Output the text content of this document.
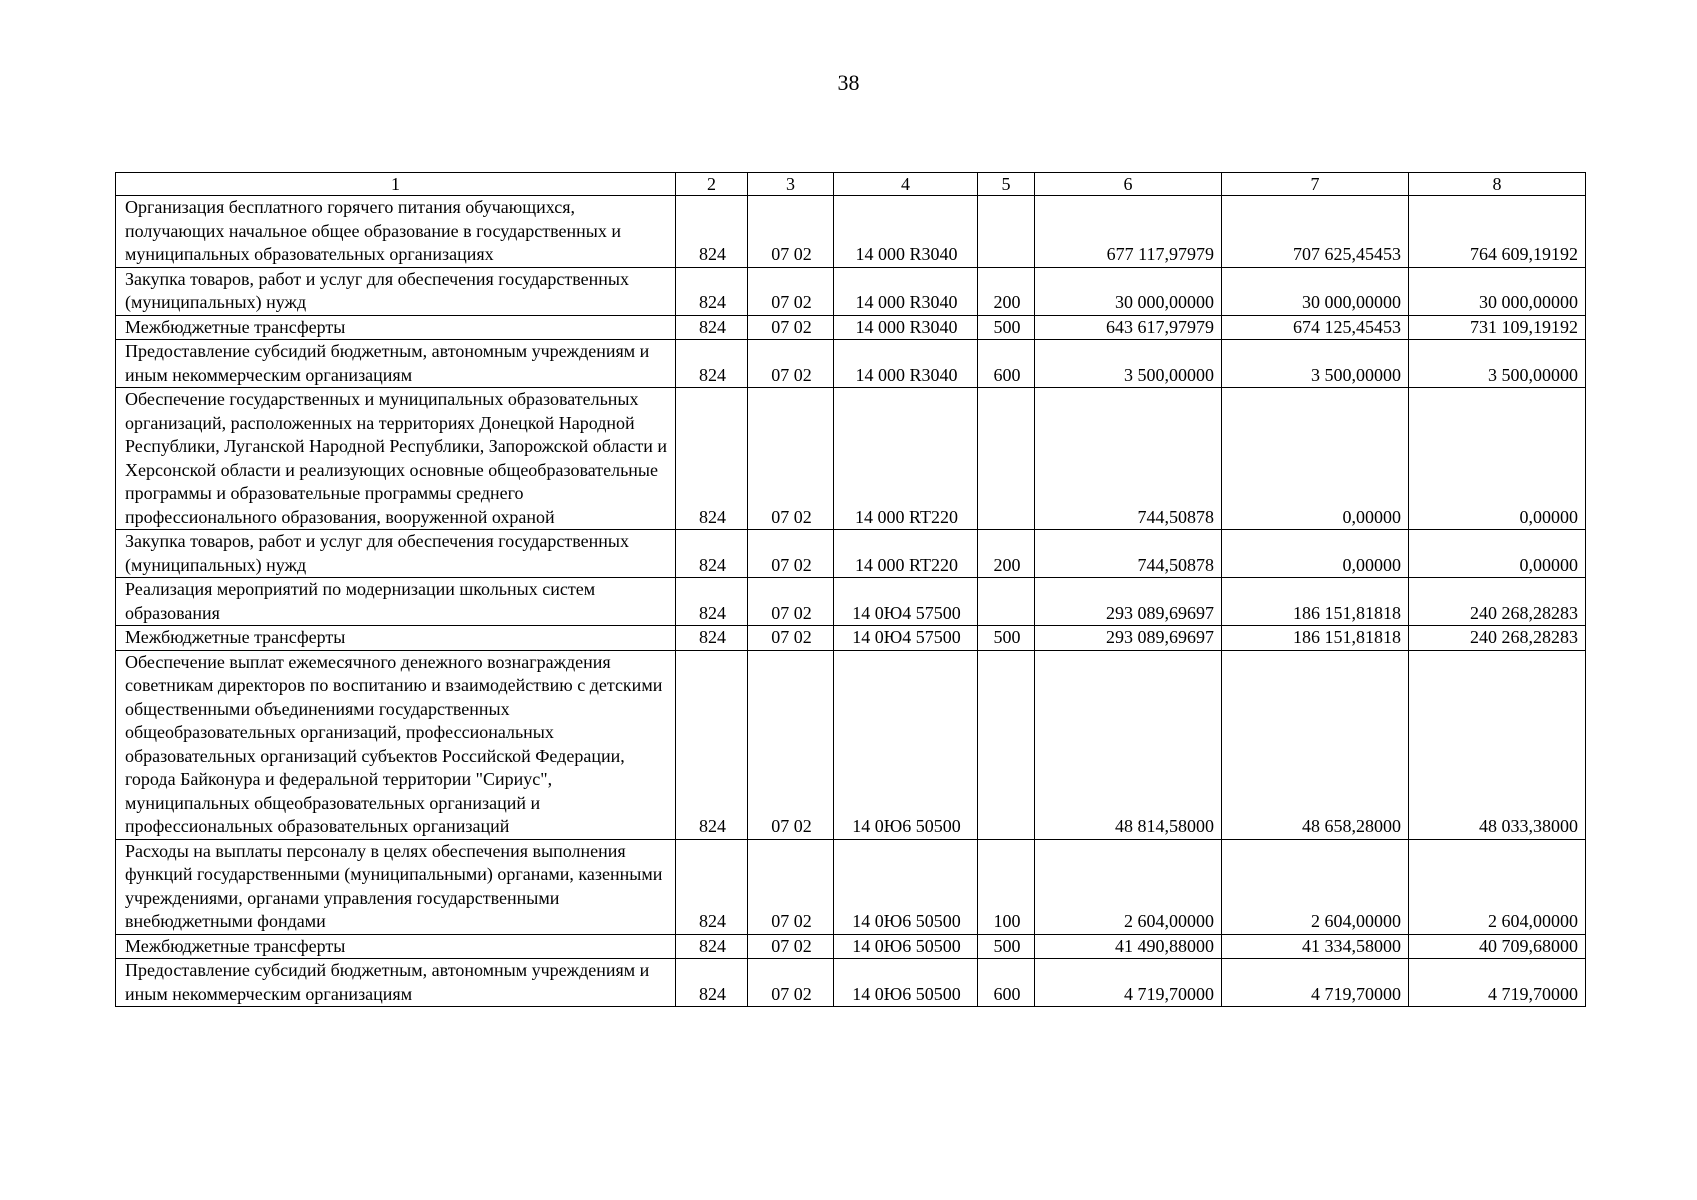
38
1	2	3	4	5	6	7	8
Организация бесплатного горячего питания обучающихся, получающих начальное общее образование в государственных и муниципальных образовательных организациях	824	07 02	14 000 R3040		677 117,97979	707 625,45453	764 609,19192
Закупка товаров, работ и услуг для обеспечения государственных (муниципальных) нужд	824	07 02	14 000 R3040	200	30 000,00000	30 000,00000	30 000,00000
Межбюджетные трансферты	824	07 02	14 000 R3040	500	643 617,97979	674 125,45453	731 109,19192
Предоставление субсидий бюджетным, автономным учреждениям и иным некоммерческим организациям	824	07 02	14 000 R3040	600	3 500,00000	3 500,00000	3 500,00000
Обеспечение государственных и муниципальных образовательных организаций, расположенных на территориях Донецкой Народной Республики, Луганской Народной Республики, Запорожской области и Херсонской области и реализующих основные общеобразовательные программы и образовательные программы среднего профессионального образования, вооруженной охраной	824	07 02	14 000 RT220		744,50878	0,00000	0,00000
Закупка товаров, работ и услуг для обеспечения государственных (муниципальных) нужд	824	07 02	14 000 RT220	200	744,50878	0,00000	0,00000
Реализация мероприятий по модернизации школьных систем образования	824	07 02	14 0Ю4 57500		293 089,69697	186 151,81818	240 268,28283
Межбюджетные трансферты	824	07 02	14 0Ю4 57500	500	293 089,69697	186 151,81818	240 268,28283
Обеспечение выплат ежемесячного денежного вознаграждения советникам директоров по воспитанию и взаимодействию с детскими общественными объединениями государственных общеобразовательных организаций, профессиональных образовательных организаций субъектов Российской Федерации, города Байконура и федеральной территории "Сириус", муниципальных общеобразовательных организаций и профессиональных образовательных организаций	824	07 02	14 0Ю6 50500		48 814,58000	48 658,28000	48 033,38000
Расходы на выплаты персоналу в целях обеспечения выполнения функций государственными (муниципальными) органами, казенными учреждениями, органами управления государственными внебюджетными фондами	824	07 02	14 0Ю6 50500	100	2 604,00000	2 604,00000	2 604,00000
Межбюджетные трансферты	824	07 02	14 0Ю6 50500	500	41 490,88000	41 334,58000	40 709,68000
Предоставление субсидий бюджетным, автономным учреждениям и иным некоммерческим организациям	824	07 02	14 0Ю6 50500	600	4 719,70000	4 719,70000	4 719,70000
